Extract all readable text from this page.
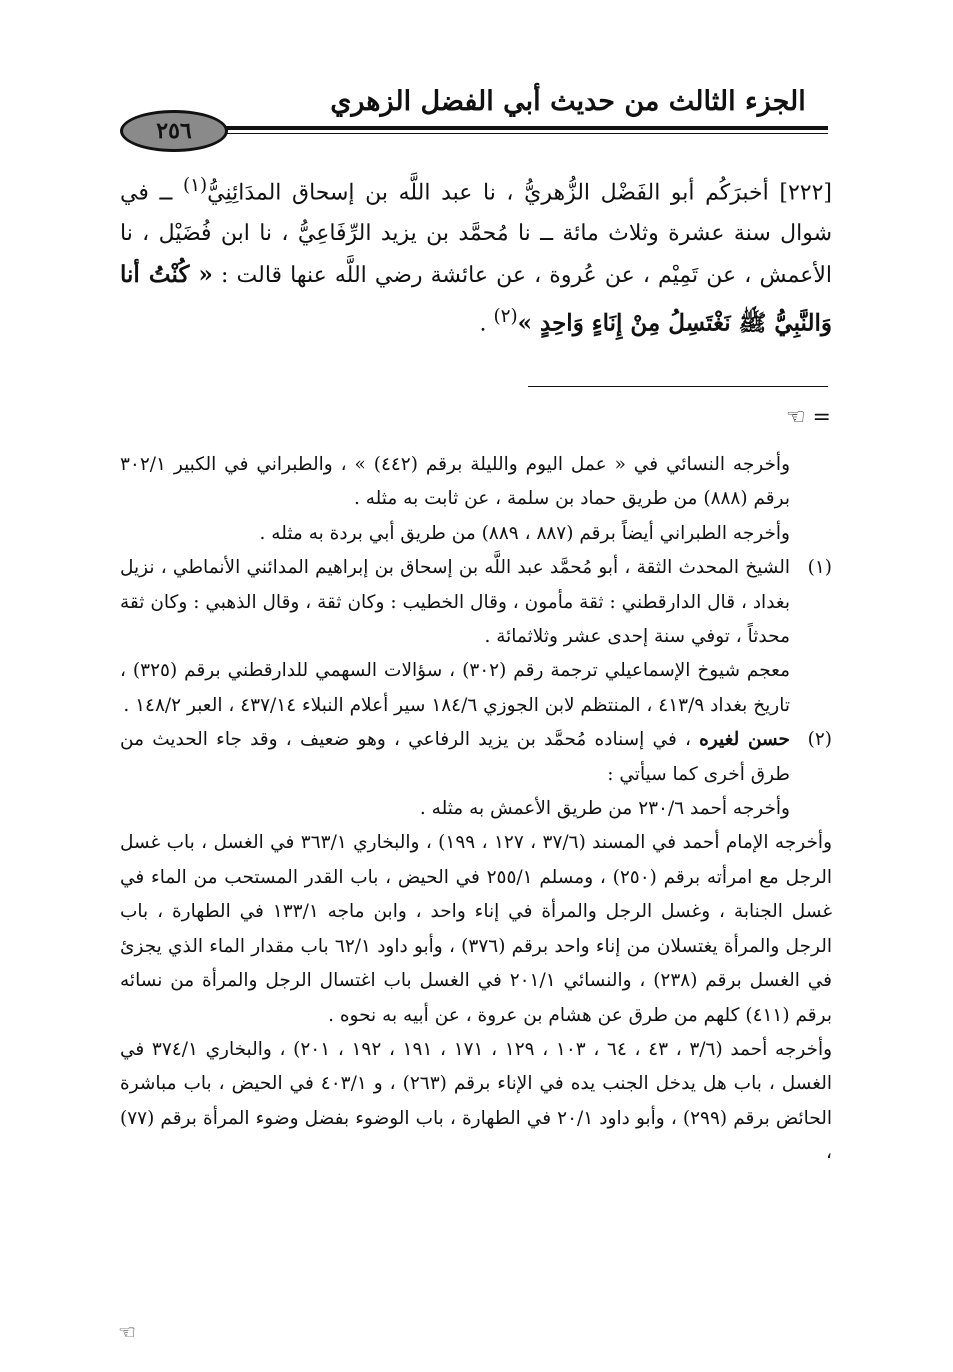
الجزء الثالث من حديث أبي الفضل الزهري
٢٥٦

[٢٢٢] أخبرَكُم أبو الفَضْل الزُّهريُّ ، نا عبد اللَّه بن إسحاق المدَائِنِيُّ$^{(١)}$ ــ في شوال سنة عشرة وثلاث مائة ــ نا مُحمَّد بن يزيد الرِّفَاعِيُّ ، نا ابن فُضَيْل ، نا الأعمش ، عن تَمِيْم ، عن عُروة ، عن عائشة رضي اللَّه عنها قالت : « كُنْتُ أنا وَالنَّبِيُّ ﷺ نَغْتَسِلُ مِنْ إِنَاءٍ وَاحِدٍ »$^{(٢)}$ .

= ☜

وأخرجه النسائي في « عمل اليوم والليلة برقم (٤٤٢) » ، والطبراني في الكبير ٣٠٢/١ برقم (٨٨٨) من طريق حماد بن سلمة ، عن ثابت به مثله .

وأخرجه الطبراني أيضاً برقم (٨٨٧ ، ٨٨٩) من طريق أبي بردة به مثله .

(١)

الشيخ المحدث الثقة ، أبو مُحمَّد عبد اللَّه بن إسحاق بن إبراهيم المدائني الأنماطي ، نزيل بغداد ، قال الدارقطني : ثقة مأمون ، وقال الخطيب : وكان ثقة ، وقال الذهبي : وكان ثقة محدثاً ، توفي سنة إحدى عشر وثلاثمائة .

معجم شيوخ الإسماعيلي ترجمة رقم (٣٠٢) ، سؤالات السهمي للدارقطني برقم (٣٢٥) ، تاريخ بغداد ٤١٣/٩ ، المنتظم لابن الجوزي ١٨٤/٦ سير أعلام النبلاء ٤٣٧/١٤ ، العبر ١٤٨/٢ .

(٢)

حسن لغيره ، في إسناده مُحمَّد بن يزيد الرفاعي ، وهو ضعيف ، وقد جاء الحديث من طرق أخرى كما سيأتي :

وأخرجه أحمد ٢٣٠/٦ من طريق الأعمش به مثله .

وأخرجه الإمام أحمد في المسند (٣٧/٦ ، ١٢٧ ، ١٩٩) ، والبخاري ٣٦٣/١ في الغسل ، باب غسل الرجل مع امرأته برقم (٢٥٠) ، ومسلم ٢٥٥/١ في الحيض ، باب القدر المستحب من الماء في غسل الجنابة ، وغسل الرجل والمرأة في إناء واحد ، وابن ماجه ١٣٣/١ في الطهارة ، باب الرجل والمرأة يغتسلان من إناء واحد برقم (٣٧٦) ، وأبو داود ٦٢/١ باب مقدار الماء الذي يجزئ في الغسل برقم (٢٣٨) ، والنسائي ٢٠١/١ في الغسل باب اغتسال الرجل والمرأة من نسائه برقم (٤١١) كلهم من طرق عن هشام بن عروة ، عن أبيه به نحوه .

وأخرجه أحمد (٣/٦ ، ٤٣ ، ٦٤ ، ١٠٣ ، ١٢٩ ، ١٧١ ، ١٩١ ، ١٩٢ ، ٢٠١) ، والبخاري ٣٧٤/١ في الغسل ، باب هل يدخل الجنب يده في الإناء برقم (٢٦٣) ، و ٤٠٣/١ في الحيض ، باب مباشرة الحائض برقم (٢٩٩) ، وأبو داود ٢٠/١ في الطهارة ، باب الوضوء بفضل وضوء المرأة برقم (٧٧) ،

☜
